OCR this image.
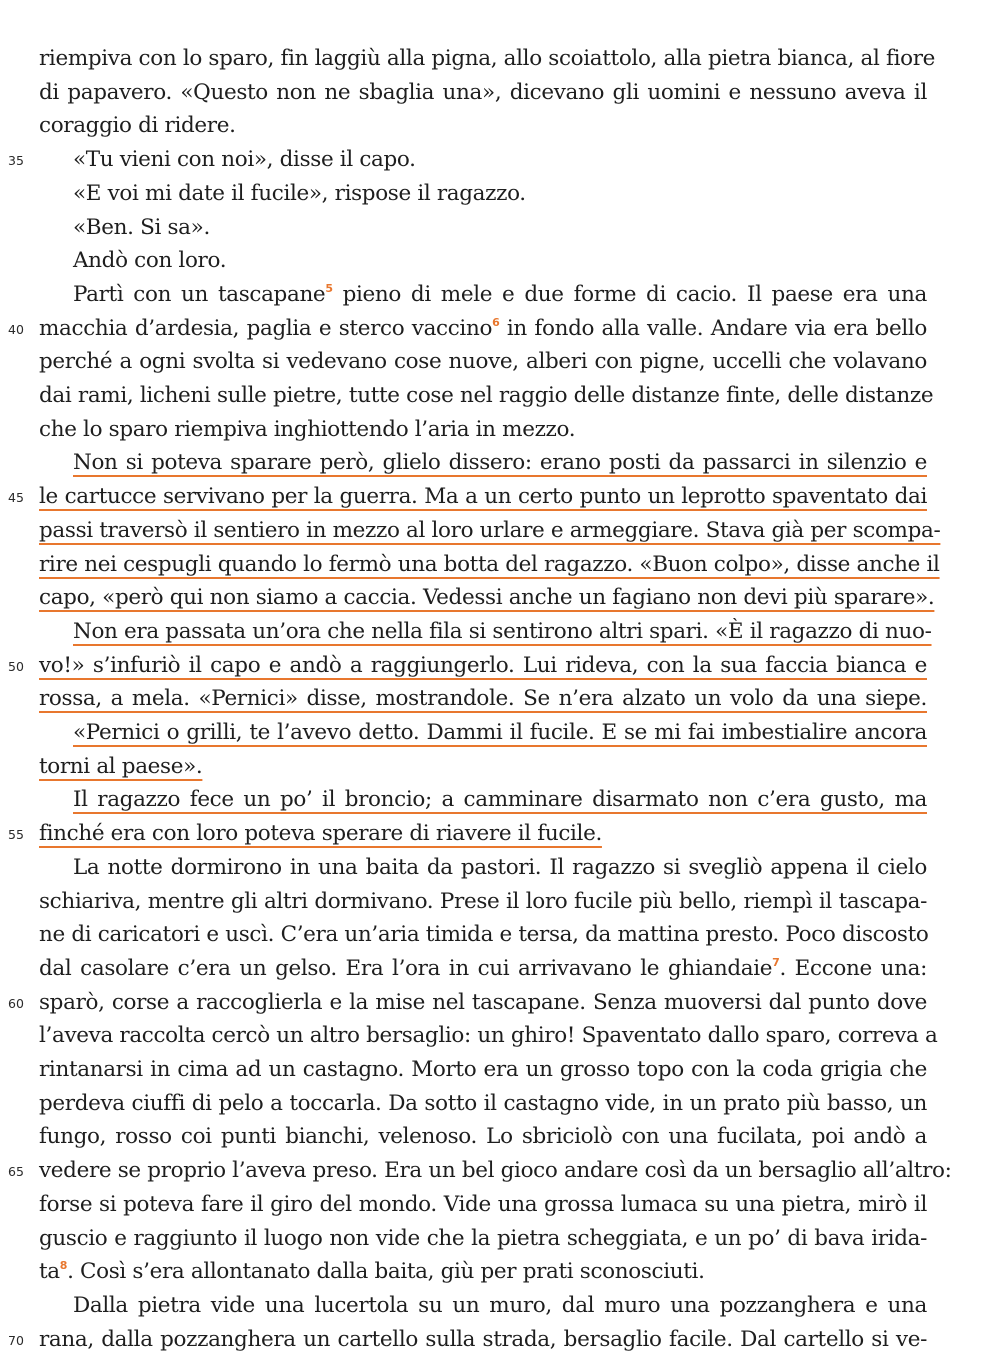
riempiva con lo sparo, fin laggiù alla pigna, allo scoiattolo, alla pietra bianca, al fiore
di papavero. «Questo non ne sbaglia una», dicevano gli uomini e nessuno aveva il
coraggio di ridere.
«Tu vieni con noi», disse il capo.
«E voi mi date il fucile», rispose il ragazzo.
«Ben. Si sa».
Andò con loro.
Partì con un tascapane$^5$ pieno di mele e due forme di cacio. Il paese era una
macchia d’ardesia, paglia e sterco vaccino$^6$ in fondo alla valle. Andare via era bello
perché a ogni svolta si vedevano cose nuove, alberi con pigne, uccelli che volavano
dai rami, licheni sulle pietre, tutte cose nel raggio delle distanze finte, delle distanze
che lo sparo riempiva inghiottendo l’aria in mezzo.
Non si poteva sparare però, glielo dissero: erano posti da passarci in silenzio e
le cartucce servivano per la guerra. Ma a un certo punto un leprotto spaventato dai
passi traversò il sentiero in mezzo al loro urlare e armeggiare. Stava già per scompa-
rire nei cespugli quando lo fermò una botta del ragazzo. «Buon colpo», disse anche il
capo, «però qui non siamo a caccia. Vedessi anche un fagiano non devi più sparare».
Non era passata un’ora che nella fila si sentirono altri spari. «È il ragazzo di nuo-
vo!» s’infuriò il capo e andò a raggiungerlo. Lui rideva, con la sua faccia bianca e
rossa, a mela. «Pernici» disse, mostrandole. Se n’era alzato un volo da una siepe.
«Pernici o grilli, te l’avevo detto. Dammi il fucile. E se mi fai imbestialire ancora
torni al paese».
Il ragazzo fece un po’ il broncio; a camminare disarmato non c’era gusto, ma
finché era con loro poteva sperare di riavere il fucile.
La notte dormirono in una baita da pastori. Il ragazzo si svegliò appena il cielo
schiariva, mentre gli altri dormivano. Prese il loro fucile più bello, riempì il tascapa-
ne di caricatori e uscì. C’era un’aria timida e tersa, da mattina presto. Poco discosto
dal casolare c’era un gelso. Era l’ora in cui arrivavano le ghiandaie$^7$. Eccone una:
sparò, corse a raccoglierla e la mise nel tascapane. Senza muoversi dal punto dove
l’aveva raccolta cercò un altro bersaglio: un ghiro! Spaventato dallo sparo, correva a
rintanarsi in cima ad un castagno. Morto era un grosso topo con la coda grigia che
perdeva ciuffi di pelo a toccarla. Da sotto il castagno vide, in un prato più basso, un
fungo, rosso coi punti bianchi, velenoso. Lo sbriciolò con una fucilata, poi andò a
vedere se proprio l’aveva preso. Era un bel gioco andare così da un bersaglio all’altro:
forse si poteva fare il giro del mondo. Vide una grossa lumaca su una pietra, mirò il
guscio e raggiunto il luogo non vide che la pietra scheggiata, e un po’ di bava irida-
ta$^8$. Così s’era allontanato dalla baita, giù per prati sconosciuti.
Dalla pietra vide una lucertola su un muro, dal muro una pozzanghera e una
rana, dalla pozzanghera un cartello sulla strada, bersaglio facile. Dal cartello si ve-
35
40
45
50
55
60
65
70
